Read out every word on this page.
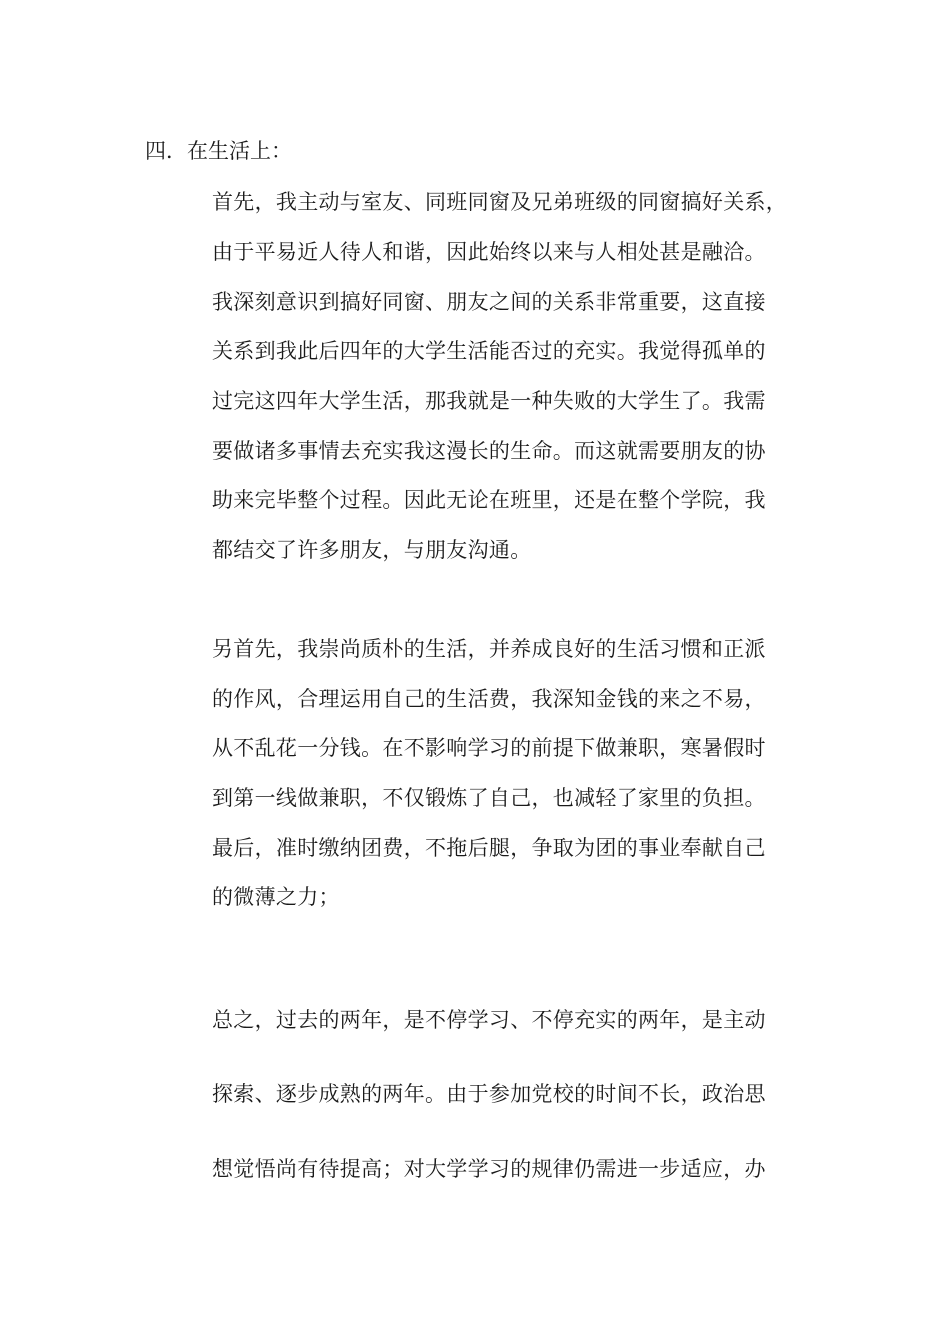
四．在生活上：
首先，我主动与室友、同班同窗及兄弟班级的同窗搞好关系，
由于平易近人待人和谐，因此始终以来与人相处甚是融洽。
我深刻意识到搞好同窗、朋友之间的关系非常重要，这直接
关系到我此后四年的大学生活能否过的充实。我觉得孤单的
过完这四年大学生活，那我就是一种失败的大学生了。我需
要做诸多事情去充实我这漫长的生命。而这就需要朋友的协
助来完毕整个过程。因此无论在班里，还是在整个学院，我
都结交了许多朋友，与朋友沟通。
另首先，我崇尚质朴的生活，并养成良好的生活习惯和正派
的作风，合理运用自己的生活费，我深知金钱的来之不易，
从不乱花一分钱。在不影响学习的前提下做兼职，寒暑假时
到第一线做兼职，不仅锻炼了自己，也减轻了家里的负担。
最后，准时缴纳团费，不拖后腿，争取为团的事业奉献自己
的微薄之力；
总之，过去的两年，是不停学习、不停充实的两年，是主动
探索、逐步成熟的两年。由于参加党校的时间不长，政治思
想觉悟尚有待提高；对大学学习的规律仍需进一步适应，办
